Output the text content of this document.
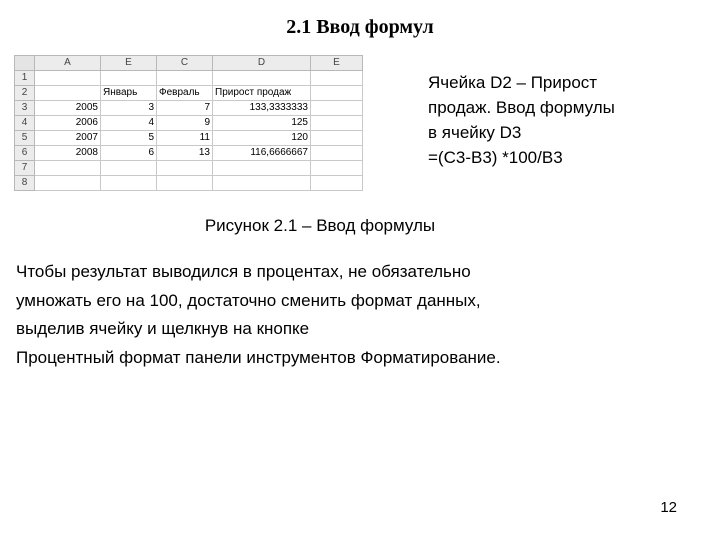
2.1 Ввод формул
	A	E	C	D	E
1					
2		Январь	Февраль	Прирост продаж	
3	2005	3	7	133,3333333	
4	2006	4	9	125	
5	2007	5	11	120	
6	2008	6	13	116,6666667	
7					
8					
Ячейка D2 – Прирост
продаж. Ввод формулы
в ячейку D3
=(C3-B3) *100/B3
Рисунок 2.1 – Ввод формулы
Чтобы результат выводился в процентах, не обязательно
умножать его на 100, достаточно сменить формат данных,
выделив ячейку и щелкнув на кнопке
Процентный формат панели инструментов Форматирование.
12
